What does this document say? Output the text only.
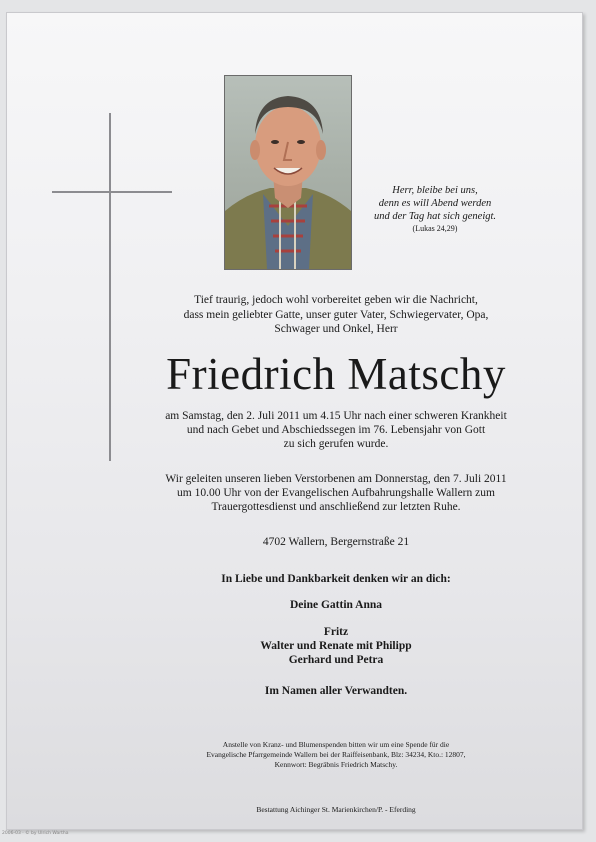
Herr, bleibe bei uns,
denn es will Abend werden
und der Tag hat sich geneigt.
(Lukas 24,29)
Tief traurig, jedoch wohl vorbereitet geben wir die Nachricht,
dass mein geliebter Gatte, unser guter Vater, Schwiegervater, Opa,
Schwager und Onkel, Herr
Friedrich Matschy
am Samstag, den 2. Juli 2011 um 4.15 Uhr nach einer schweren Krankheit
und nach Gebet und Abschiedssegen im 76. Lebensjahr von Gott
zu sich gerufen wurde.
Wir geleiten unseren lieben Verstorbenen am Donnerstag, den 7. Juli 2011
um 10.00 Uhr von der Evangelischen Aufbahrungshalle Wallern zum
Trauergottesdienst und anschließend zur letzten Ruhe.
4702 Wallern, Bergernstraße 21
In Liebe und Dankbarkeit denken wir an dich:
Deine Gattin Anna
Fritz
Walter und Renate mit Philipp
Gerhard und Petra
Im Namen aller Verwandten.
Anstelle von Kranz- und Blumenspenden bitten wir um eine Spende für die
Evangelische Pfarrgemeinde Wallern bei der Raiffeisenbank, Blz: 34234, Kto.: 12807,
Kennwort: Begräbnis Friedrich Matschy.
Bestattung Aichinger St. Marienkirchen/P. - Eferding
2006-03 · © by Ulrich Wartha
